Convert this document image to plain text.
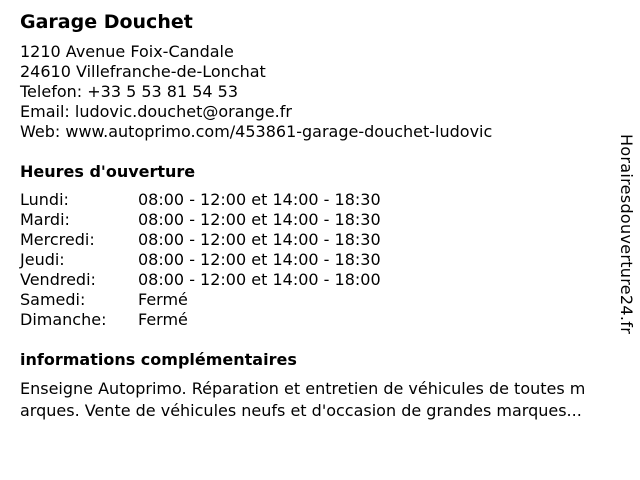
Garage Douchet
1210 Avenue Foix-Candale
24610 Villefranche-de-Lonchat
Telefon: +33 5 53 81 54 53
Email: ludovic.douchet@orange.fr
Web: www.autoprimo.com/453861-garage-douchet-ludovic
Heures d'ouverture
Lundi:	08:00 - 12:00 et 14:00 - 18:30
Mardi:	08:00 - 12:00 et 14:00 - 18:30
Mercredi:	08:00 - 12:00 et 14:00 - 18:30
Jeudi:	08:00 - 12:00 et 14:00 - 18:30
Vendredi:	08:00 - 12:00 et 14:00 - 18:00
Samedi:	Fermé
Dimanche:	Fermé
informations complémentaires
Enseigne Autoprimo. Réparation et entretien de véhicules de toutes m
arques. Vente de véhicules neufs et d'occasion de grandes marques...
Horairesdouverture24.fr
